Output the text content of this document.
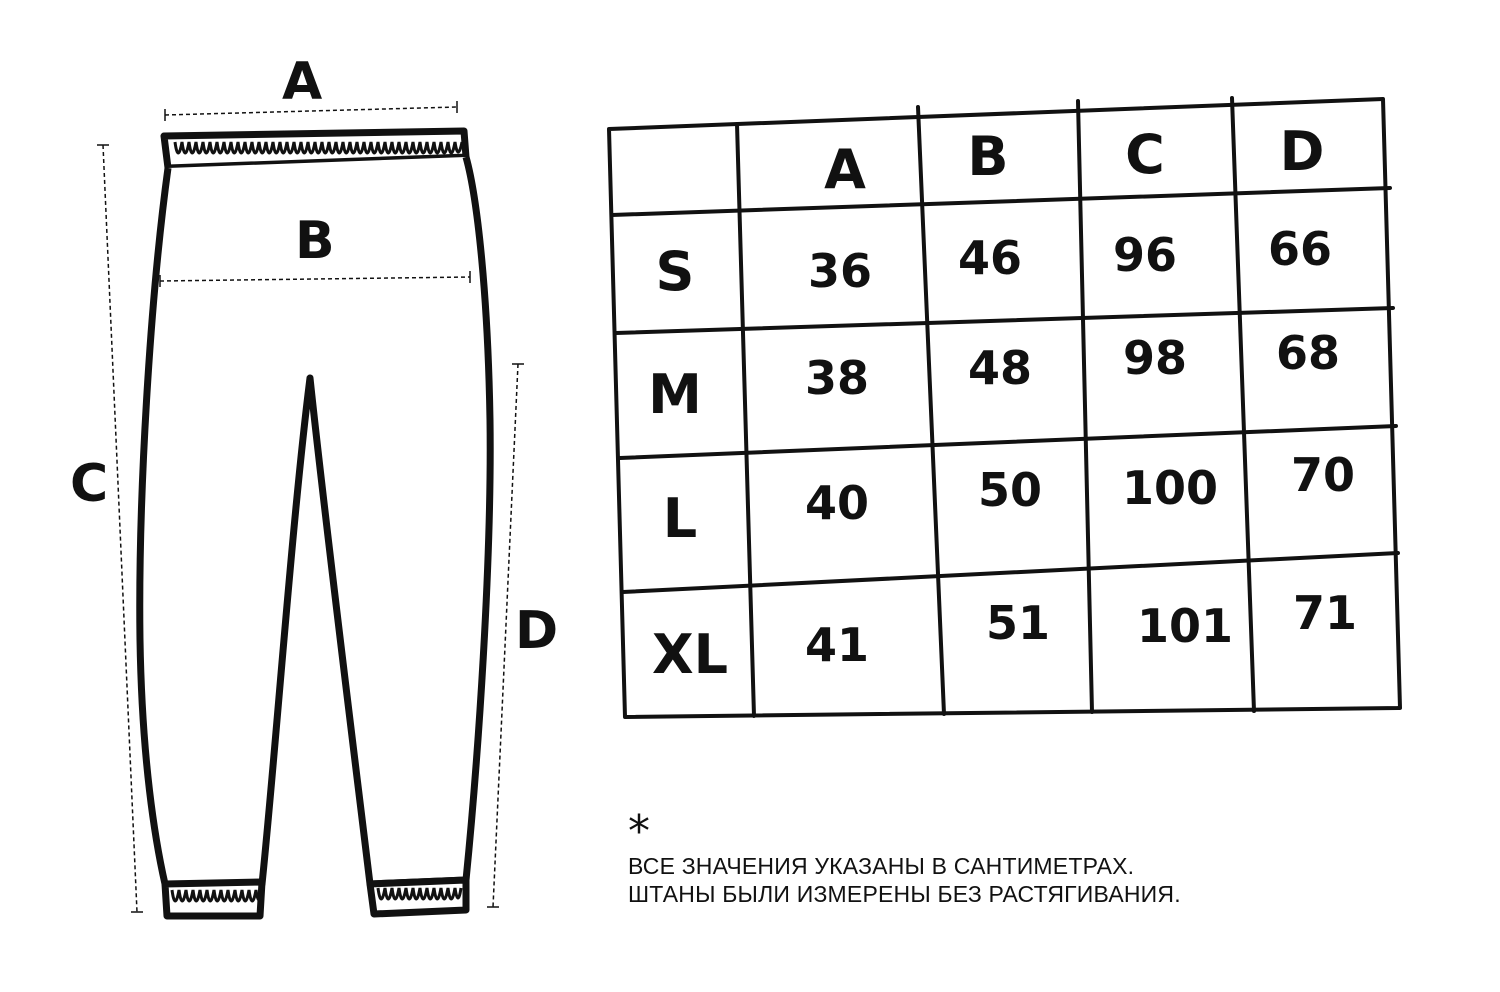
A
B
C
D
A B C D
S
M
L
XL
36 46 96 66
38 48 98 68
40 50 100 70
41	51 101 71
*
ВСЕ ЗНАЧЕНИЯ УКАЗАНЫ В САНТИМЕТРАХ.
ШТАНЫ БЫЛИ ИЗМЕРЕНЫ БЕЗ РАСТЯГИВАНИЯ.
